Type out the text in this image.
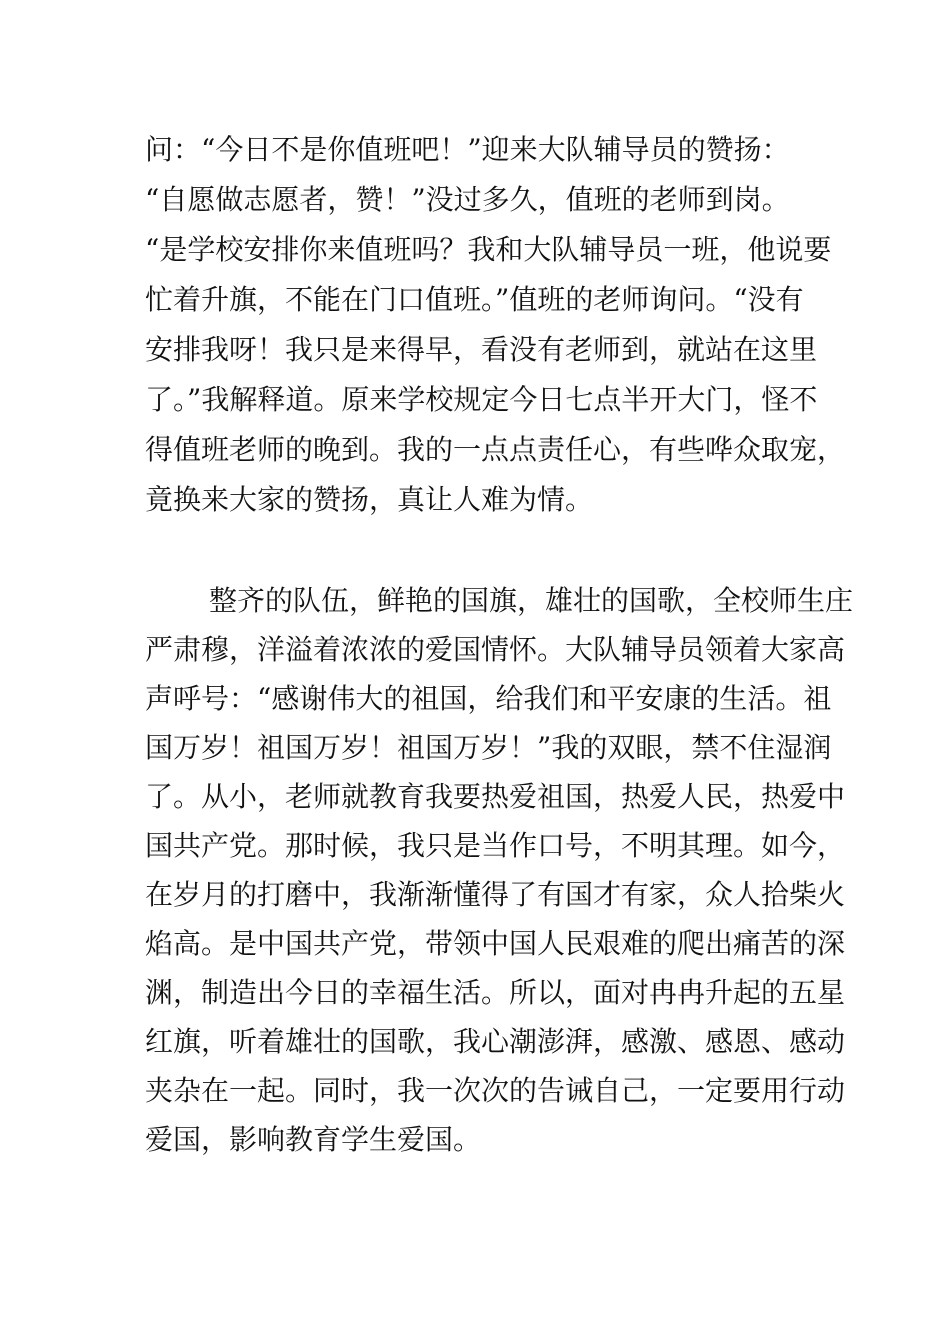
问：“今日不是你值班吧！”迎来大队辅导员的赞扬：
“自愿做志愿者，赞！”没过多久，值班的老师到岗。
“是学校安排你来值班吗？我和大队辅导员一班，他说要
忙着升旗，不能在门口值班。”值班的老师询问。“没有
安排我呀！我只是来得早，看没有老师到，就站在这里
了。”我解释道。原来学校规定今日七点半开大门，怪不
得值班老师的晚到。我的一点点责任心，有些哗众取宠，
竟换来大家的赞扬，真让人难为情。
整齐的队伍，鲜艳的国旗，雄壮的国歌，全校师生庄
严肃穆，洋溢着浓浓的爱国情怀。大队辅导员领着大家高
声呼号：“感谢伟大的祖国，给我们和平安康的生活。祖
国万岁！祖国万岁！祖国万岁！”我的双眼，禁不住湿润
了。从小，老师就教育我要热爱祖国，热爱人民，热爱中
国共产党。那时候，我只是当作口号，不明其理。如今，
在岁月的打磨中，我渐渐懂得了有国才有家，众人拾柴火
焰高。是中国共产党，带领中国人民艰难的爬出痛苦的深
渊，制造出今日的幸福生活。所以，面对冉冉升起的五星
红旗，听着雄壮的国歌，我心潮澎湃，感激、感恩、感动
夹杂在一起。同时，我一次次的告诫自己，一定要用行动
爱国，影响教育学生爱国。
